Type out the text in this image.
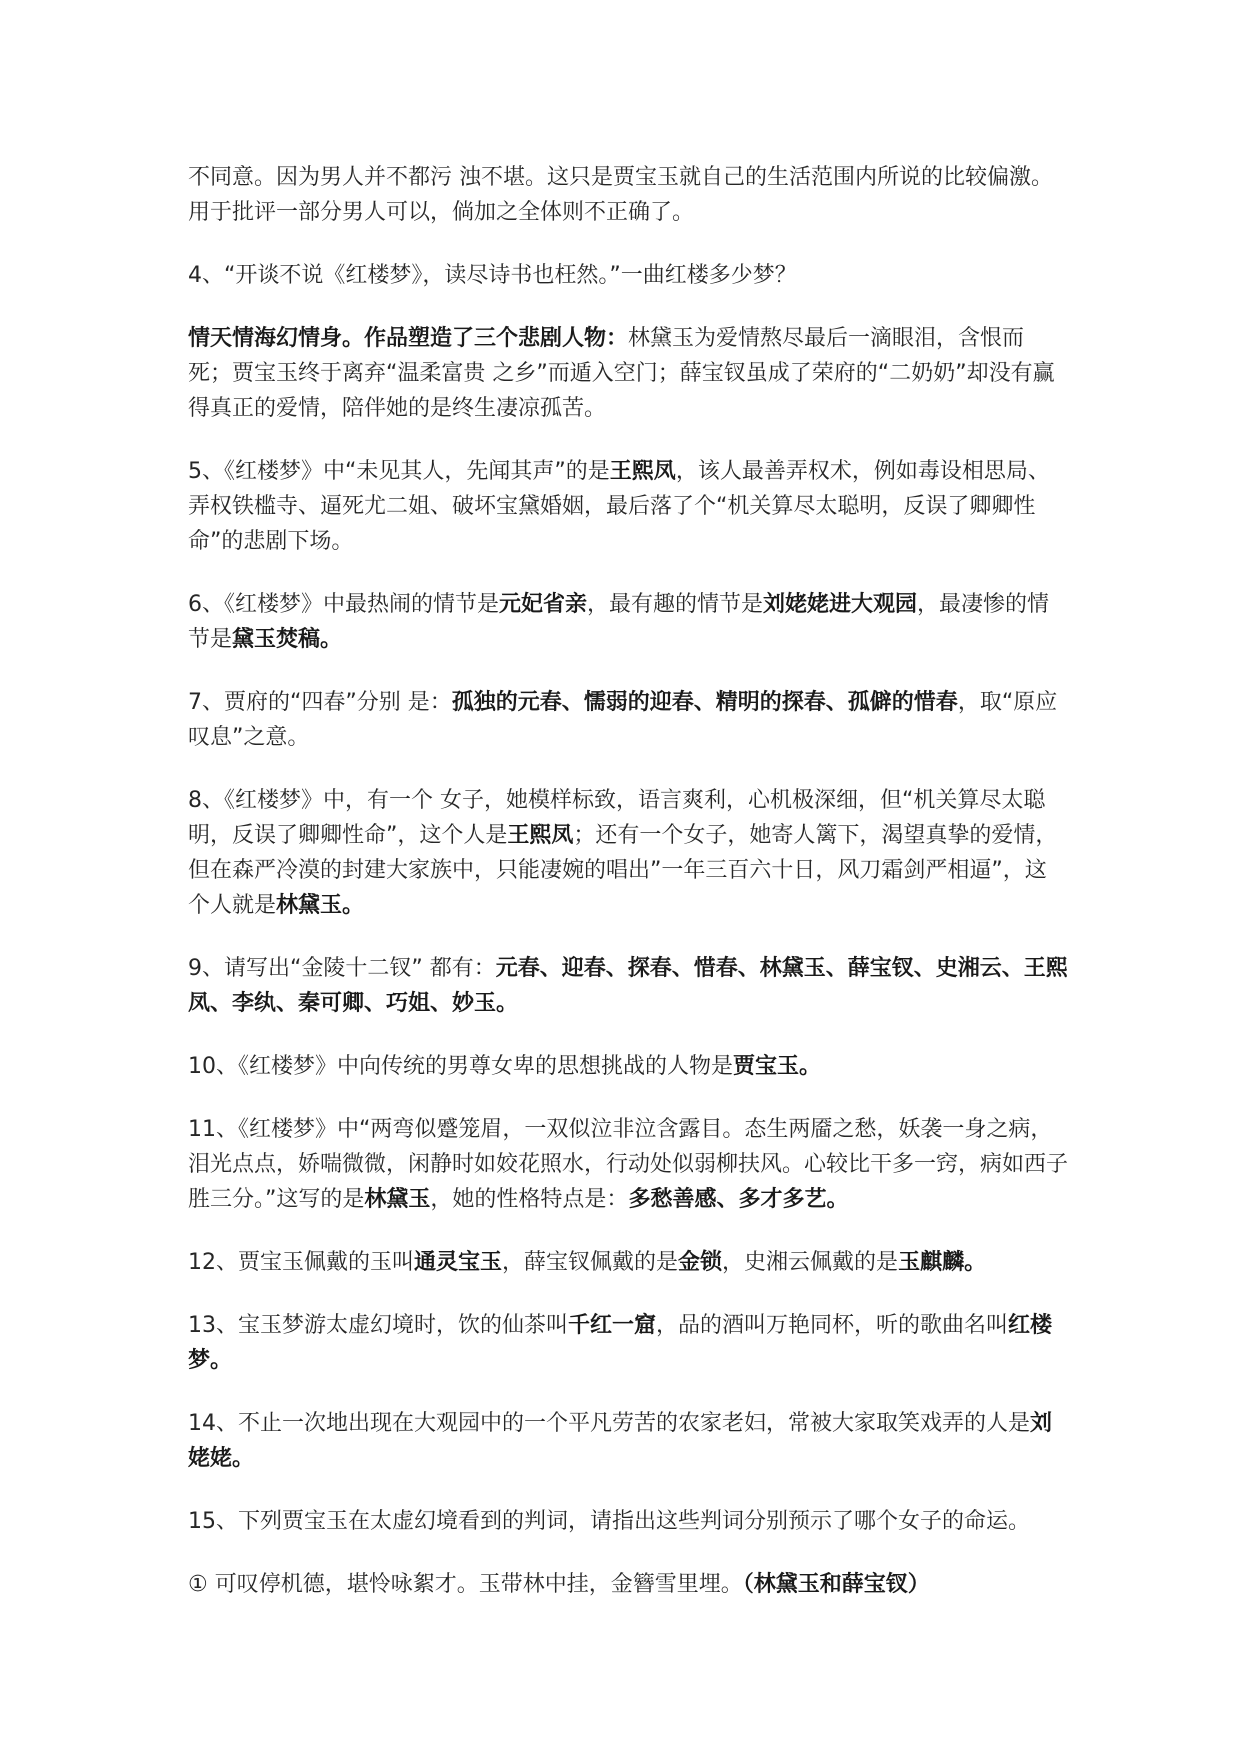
不同意。因为男人并不都污 浊不堪。这只是贾宝玉就自己的生活范围内所说的比较偏激。用于批评一部分男人可以，倘加之全体则不正确了。

4、“开谈不说《红楼梦》，读尽诗书也枉然。”一曲红楼多少梦？

情天情海幻情身。作品塑造了三个悲剧人物：林黛玉为爱情熬尽最后一滴眼泪，含恨而死；贾宝玉终于离弃“温柔富贵 之乡”而遁入空门；薛宝钗虽成了荣府的“二奶奶”却没有赢得真正的爱情，陪伴她的是终生凄凉孤苦。

5、《红楼梦》中“未见其人，先闻其声”的是王熙凤，该人最善弄权术，例如毒设相思局、弄权铁槛寺、逼死尤二姐、破坏宝黛婚姻，最后落了个“机关算尽太聪明，反误了卿卿性命”的悲剧下场。

6、《红楼梦》中最热闹的情节是元妃省亲，最有趣的情节是刘姥姥进大观园，最凄惨的情节是黛玉焚稿。

7、贾府的“四春”分别 是：孤独的元春、懦弱的迎春、精明的探春、孤僻的惜春，取“原应叹息”之意。

8、《红楼梦》中，有一个 女子，她模样标致，语言爽利，心机极深细，但“机关算尽太聪明，反误了卿卿性命”，这个人是王熙凤；还有一个女子，她寄人篱下，渴望真挚的爱情，但在森严冷漠的封建大家族中，只能凄婉的唱出”一年三百六十日，风刀霜剑严相逼”，这个人就是林黛玉。

9、请写出“金陵十二钗” 都有：元春、迎春、探春、惜春、林黛玉、薛宝钗、史湘云、王熙凤、李纨、秦可卿、巧姐、妙玉。

10、《红楼梦》中向传统的男尊女卑的思想挑战的人物是贾宝玉。

11、《红楼梦》中“两弯似蹙笼眉，一双似泣非泣含露目。态生两靥之愁，妖袭一身之病，泪光点点，娇喘微微，闲静时如姣花照水，行动处似弱柳扶风。心较比干多一窍，病如西子胜三分。”这写的是林黛玉，她的性格特点是：多愁善感、多才多艺。

12、贾宝玉佩戴的玉叫通灵宝玉，薛宝钗佩戴的是金锁，史湘云佩戴的是玉麒麟。

13、宝玉梦游太虚幻境时，饮的仙茶叫千红一窟，品的酒叫万艳同杯，听的歌曲名叫红楼梦。

14、不止一次地出现在大观园中的一个平凡劳苦的农家老妇，常被大家取笑戏弄的人是刘姥姥。

15、下列贾宝玉在太虚幻境看到的判词，请指出这些判词分别预示了哪个女子的命运。

① 可叹停机德，堪怜咏絮才。玉带林中挂，金簪雪里埋。（林黛玉和薛宝钗）
